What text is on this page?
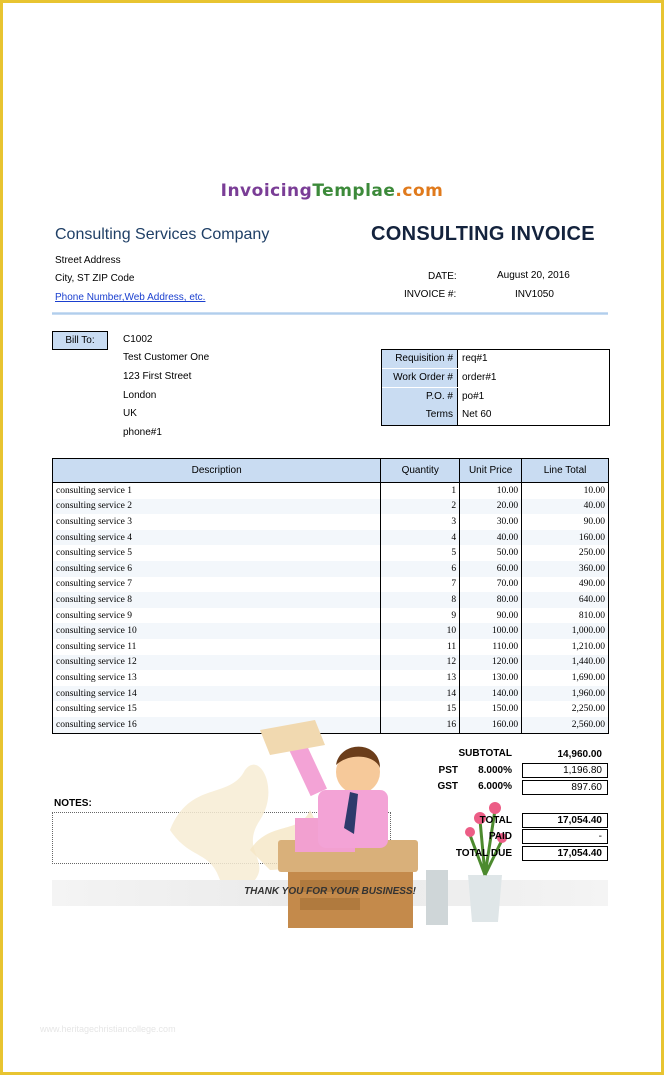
InvoicingTemplae.com
Consulting Services Company	CONSULTING INVOICE
Street Address
City, ST ZIP Code
Phone Number,Web Address, etc.
DATE:	August 20, 2016
INVOICE #:	INV1050
Bill To:	C1002
Test Customer One
123 First Street
London
UK
phone#1
Requisition # req#1
Work Order # order#1
P.O. # po#1
Terms Net 60
Description	Quantity	Unit Price	Line Total
consulting service 1	1	10.00	10.00
consulting service 2	2	20.00	40.00
consulting service 3	3	30.00	90.00
consulting service 4	4	40.00	160.00
consulting service 5	5	50.00	250.00
consulting service 6	6	60.00	360.00
consulting service 7	7	70.00	490.00
consulting service 8	8	80.00	640.00
consulting service 9	9	90.00	810.00
consulting service 10	10	100.00	1,000.00
consulting service 11	11	110.00	1,210.00
consulting service 12	12	120.00	1,440.00
consulting service 13	13	130.00	1,690.00
consulting service 14	14	140.00	1,960.00
consulting service 15	15	150.00	2,250.00
consulting service 16	16	160.00	2,560.00
SUBTOTAL	14,960.00
PST	8.000%	1,196.80
GST	6.000%	897.60
NOTES:
TOTAL	17,054.40
PAID	-
TOTAL DUE	17,054.40
THANK YOU FOR YOUR BUSINESS!
www.heritagechristiancollege.com
